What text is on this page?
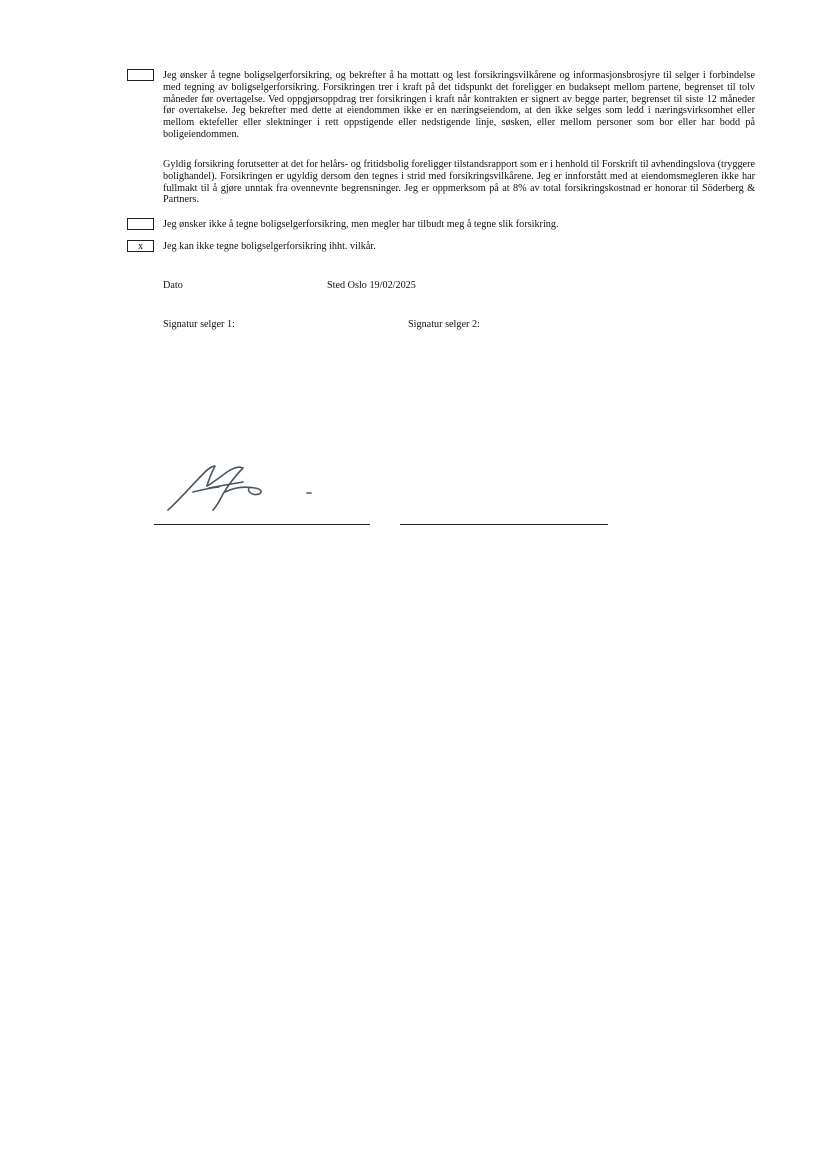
Jeg ønsker å tegne boligselgerforsikring, og bekrefter å ha mottatt og lest forsikringsvilkårene og informasjonsbrosjyre til selger i forbindelse med tegning av boligselgerforsikring. Forsikringen trer i kraft på det tidspunkt det foreligger en budaksept mellom partene, begrenset til tolv måneder før overtagelse. Ved oppgjørsoppdrag trer forsikringen i kraft når kontrakten er signert av begge parter, begrenset til siste 12 måneder før overtakelse. Jeg bekrefter med dette at eiendommen ikke er en næringseiendom, at den ikke selges som ledd i næringsvirksomhet eller mellom ektefeller eller slektninger i rett oppstigende eller nedstigende linje, søsken, eller mellom personer som bor eller har bodd på boligeiendommen.

Gyldig forsikring forutsetter at det for helårs- og fritidsbolig foreligger tilstandsrapport som er i henhold til Forskrift til avhendingslova (tryggere bolighandel). Forsikringen er ugyldig dersom den tegnes i strid med forsikringsvilkårene. Jeg er innforstått med at eiendomsmegleren ikke har fullmakt til å gjøre unntak fra ovennevnte begrensninger. Jeg er oppmerksom på at 8% av total forsikringskostnad er honorar til Söderberg & Partners.

Jeg ønsker ikke å tegne boligselgerforsikring, men megler har tilbudt meg å tegne slik forsikring.

x	Jeg kan ikke tegne boligselgerforsikring ihht. vilkår.

Dato	Sted Oslo 19/02/2025
Signatur selger 1:	Signatur selger 2:
